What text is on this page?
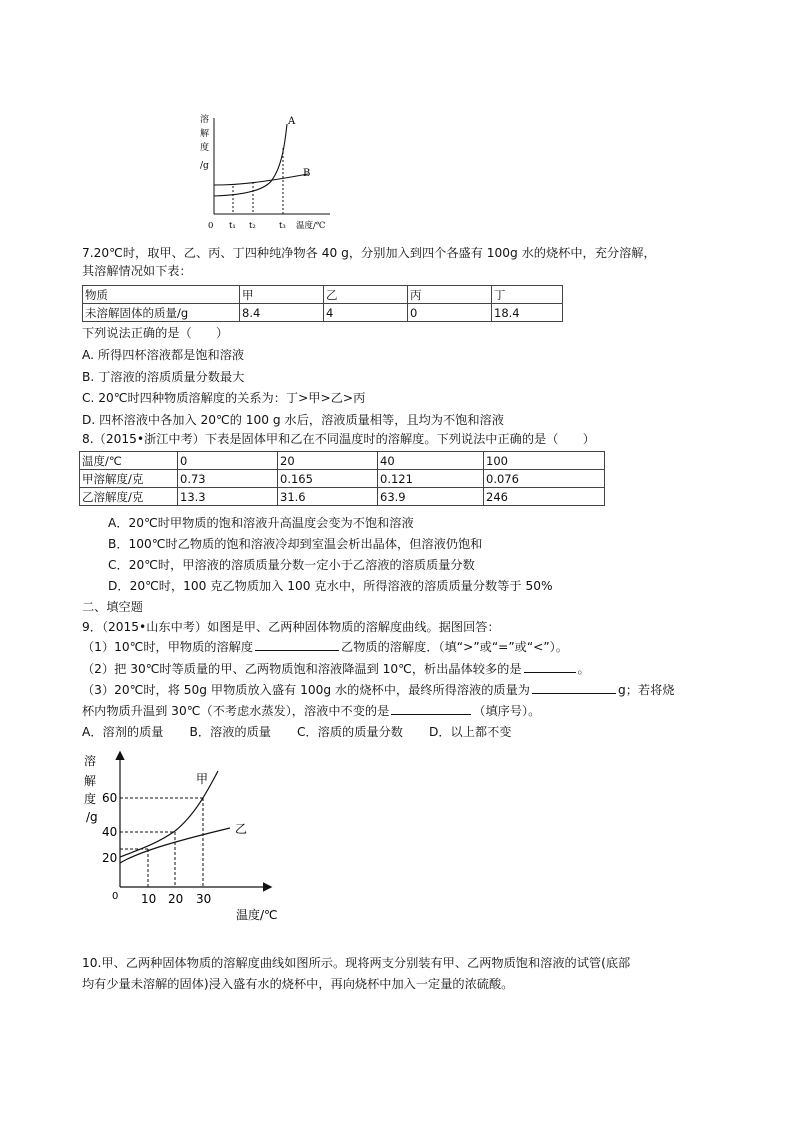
溶
解
度
/g
A
B
0 t₁ t₂	t₃ 温度/℃
7.20℃时，取甲、乙、丙、丁四种纯净物各 40 g，分别加入到四个各盛有 100g 水的烧杯中，充分溶解，
其溶解情况如下表：
物质	甲	乙	丙	丁
未溶解固体的质量/g	8.4	4	0	18.4
下列说法正确的是（　　）
A. 所得四杯溶液都是饱和溶液
B. 丁溶液的溶质质量分数最大
C. 20℃时四种物质溶解度的关系为：丁>甲>乙>丙
D. 四杯溶液中各加入 20℃的 100 g 水后，溶液质量相等，且均为不饱和溶液
8.（2015•浙江中考）下表是固体甲和乙在不同温度时的溶解度。下列说法中正确的是（　　）
温度/℃	0	20	40	100
甲溶解度/克	0.73	0.165	0.121	0.076
乙溶解度/克	13.3	31.6	63.9	246
A．20℃时甲物质的饱和溶液升高温度会变为不饱和溶液
B．100℃时乙物质的饱和溶液冷却到室温会析出晶体，但溶液仍饱和
C．20℃时，甲溶液的溶质质量分数一定小于乙溶液的溶质质量分数
D．20℃时，100 克乙物质加入 100 克水中，所得溶液的溶质质量分数等于 50%
二、填空题
9．（2015•山东中考）如图是甲、乙两种固体物质的溶解度曲线。据图回答：
（1）10℃时，甲物质的溶解度	乙物质的溶解度．（填“>”或“=”或“<”）。
（2）把 30℃时等质量的甲、乙两物质饱和溶液降温到 10℃，析出晶体较多的是	。
（3）20℃时，将 50g 甲物质放入盛有 100g 水的烧杯中，最终所得溶液的质量为	g；若将烧
杯内物质升温到 30℃（不考虑水蒸发），溶液中不变的是	（填序号）。
A．溶剂的质量 B．溶液的质量 C．溶质的质量分数 D．以上都不变
溶
解
度
/g
甲
乙
60
40
20
0 10 20 30
温度/℃
10.甲、乙两种固体物质的溶解度曲线如图所示。现将两支分别装有甲、乙两物质饱和溶液的试管(底部
均有少量未溶解的固体)浸入盛有水的烧杯中，再向烧杯中加入一定量的浓硫酸。
